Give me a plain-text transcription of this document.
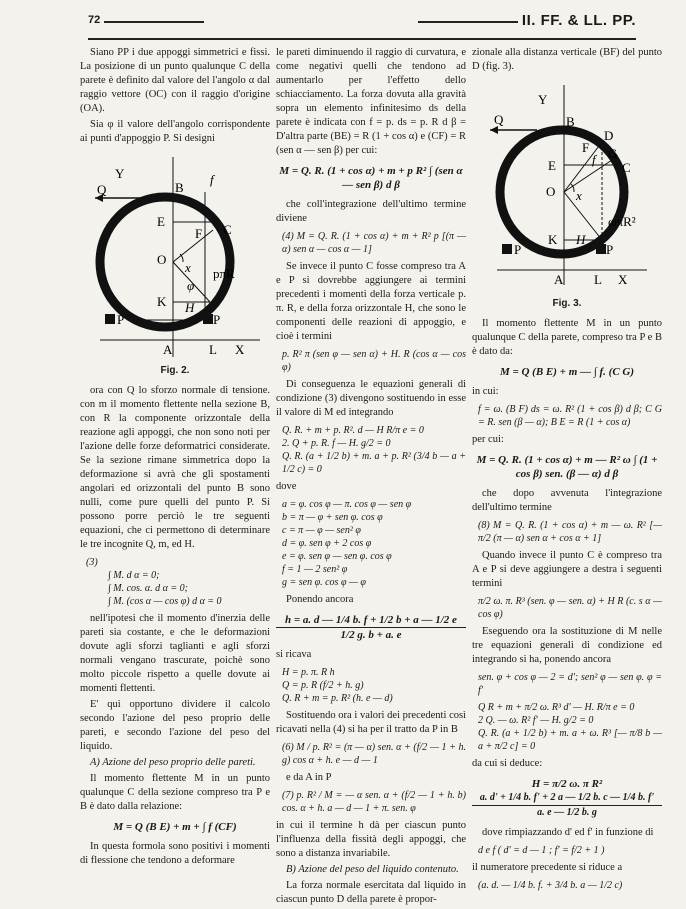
72	II. FF. & LL. PP.

Siano PP i due appoggi simmetrici e fissi. La posizione di un punto qualunque C della parete è definito dal valore del l'angolo α dal raggio vettore (OC) con il raggio d'origine (OA).

Sia φ il valore dell'angolo corrispondente ai punti d'appoggio P. Si designi

Y
B
Q
f
E
F C
O
x
φ
pπR
K H
P	P
A	L X
Fig. 2.

ora con Q lo sforzo normale di tensione. con m il momento flettente nella sezione B, con R la componente orizzontale della reazione agli appoggi, che non sono noti per l'azione delle forze deformatrici considerate. Se la sezione rimane simmetrica dopo la deformazione si avrà che gli spostamenti angolari ed orizzontali del punto B sono nulli, come pure quelli del punto P. Si possono porre perciò le tre seguenti equazioni, che ci permettono di determinare le tre incognite Q, m, ed H.

(3)
∫ M. d α = 0;
∫ M. cos. α. d α = 0;
∫ M. (cos α — cos φ) d α = 0

nell'ipotesi che il momento d'inerzia delle pareti sia costante, e che le deformazioni dovute agli sforzi taglianti e agli sforzi normali vengano trascurate, poichè sono molto piccole rispetto a quelle dovute ai momenti flettenti.

E' qui opportuno dividere il calcolo secondo l'azione del peso proprio delle pareti, e secondo l'azione del peso del liquido.

A) Azione del peso proprio delle pareti.

Il momento flettente M in un punto qualunque C della sezione compreso tra P e B è dato dalla relazione:

M = Q (B E) + m + ∫ f (CF)

In questa formola sono positivi i momenti di flessione che tendono a deformare

le pareti diminuendo il raggio di curvatura, e come negativi quelli che tendono ad aumentarlo per l'effetto dello schiacciamento. La forza dovuta alla gravità sopra un elemento infinitesimo ds della parete è indicata con f = p. ds = p. R d β = D'altra parte (BE) = R (1 + cos α) e (CF) = R (sen α — sen β) per cui:

M = Q. R. (1 + cos α) + m + p R² ∫ (sen α — sen β) d β

che coll'integrazione dell'ultimo termine diviene

(4) M = Q. R. (1 + cos α) + m + R² p [(π — α) sen α — cos α — 1]

Se invece il punto C fosse compreso tra A e P si dovrebbe aggiungere ai termini precedenti i momenti della forza verticale p. π. R, e della forza orizzontale H, che sono le componenti delle reazioni di appoggio, e cioè i termini

p. R² π (sen φ — sen α) + H. R (cos α — cos φ)

Di conseguenza le equazioni generali di condizione (3) divengono sostituendo in esse il valore di M ed integrando

Q. R. + m + p. R². d — H R/π e = 0
2. Q + p. R. f — H. g/2 = 0
Q. R. (a + 1/2 b) + m. a + p. R² (3/4 b — a + 1/2 c) = 0

dove

a = φ. cos φ — π. cos φ — sen φ
b = π — φ + sen φ. cos φ
c = π — φ — sen² φ
d = φ. sen φ + 2 cos φ
e = φ. sen φ — sen φ. cos φ
f = 1 — 2 sen² φ
g = sen φ. cos φ — φ

Ponendo ancora

h = a. d — 1/4 b. f + 1/2 b + a — 1/2 e
1/2 g. b + a. e

si ricava

H = p. π. R h
Q = p. R (f/2 + h. g)
Q. R + m = p. R² (h. e — d)

Sostituendo ora i valori dei precedenti così ricavati nella (4) si ha per il tratto da P in B

(6) M / p. R² = (π — α) sen. α + (f/2 — 1 + h. g) cos α + h. e — d — 1

e da A in P

(7) p. R² / M = — α sen. α + (f/2 — 1 + h. b) cos. α + h. a — d — 1 + π. sen. φ

in cui il termine h dà per ciascun punto l'influenza della fissità degli appoggi, che sono a distanza invariabile.

B) Azione del peso del liquido contenuto.

La forza normale esercitata dal liquido in ciascun punto D della parete è propor-

zionale alla distanza verticale (BF) del punto D (fig. 3).

Y
B
Q
E
F
D
G
C
f
O x
ωπR²
K H
P	P
A L X
Fig. 3.

Il momento flettente M in un punto qualunque C della parete, compreso tra P e B è dato da:

M = Q (B E) + m — ∫ f. (C G)

in cui:

f = ω. (B F) ds = ω. R² (1 + cos β) d β; C G = R. sen (β — α); B E = R (1 + cos α)

per cui:

M = Q. R. (1 + cos α) + m — R² ω ∫ (1 + cos β) sen. (β — α) d β

che dopo avvenuta l'integrazione dell'ultimo termine

(8) M = Q. R. (1 + cos α) + m — ω. R² [— π/2 (π — α) sen α + cos α + 1]

Quando invece il punto C è compreso tra A e P si deve aggiungere a destra i seguenti termini

π/2 ω. π. R³ (sen. φ — sen. α) + H R (c. s α — cos φ)

Eseguendo ora la sostituzione di M nelle tre equazioni generali di condizione ed integrando si ha, ponendo ancora

sen. φ + cos φ — 2 = d'; sen² φ — sen φ. φ = f'
Q R + m + π/2 ω. R³ d' — H. R/π e = 0
2 Q. — ω. R² f' — H. g/2 = 0
Q. R. (a + 1/2 b) + m. a + ω. R³ [— π/8 b — a + π/2 c] = 0

da cui si deduce:

H = π/2 ω. π R²
a. d' + 1/4 b. f' + 2 a — 1/2 b. c — 1/4 b. f'
a. e — 1/2 b. g

dove rimpiazzando d' ed f' in funzione di

d e f ( d' = d — 1 ; f' = f/2 + 1 )

il numeratore precedente si riduce a

(a. d. — 1/4 b. f. + 3/4 b. a — 1/2 c)
